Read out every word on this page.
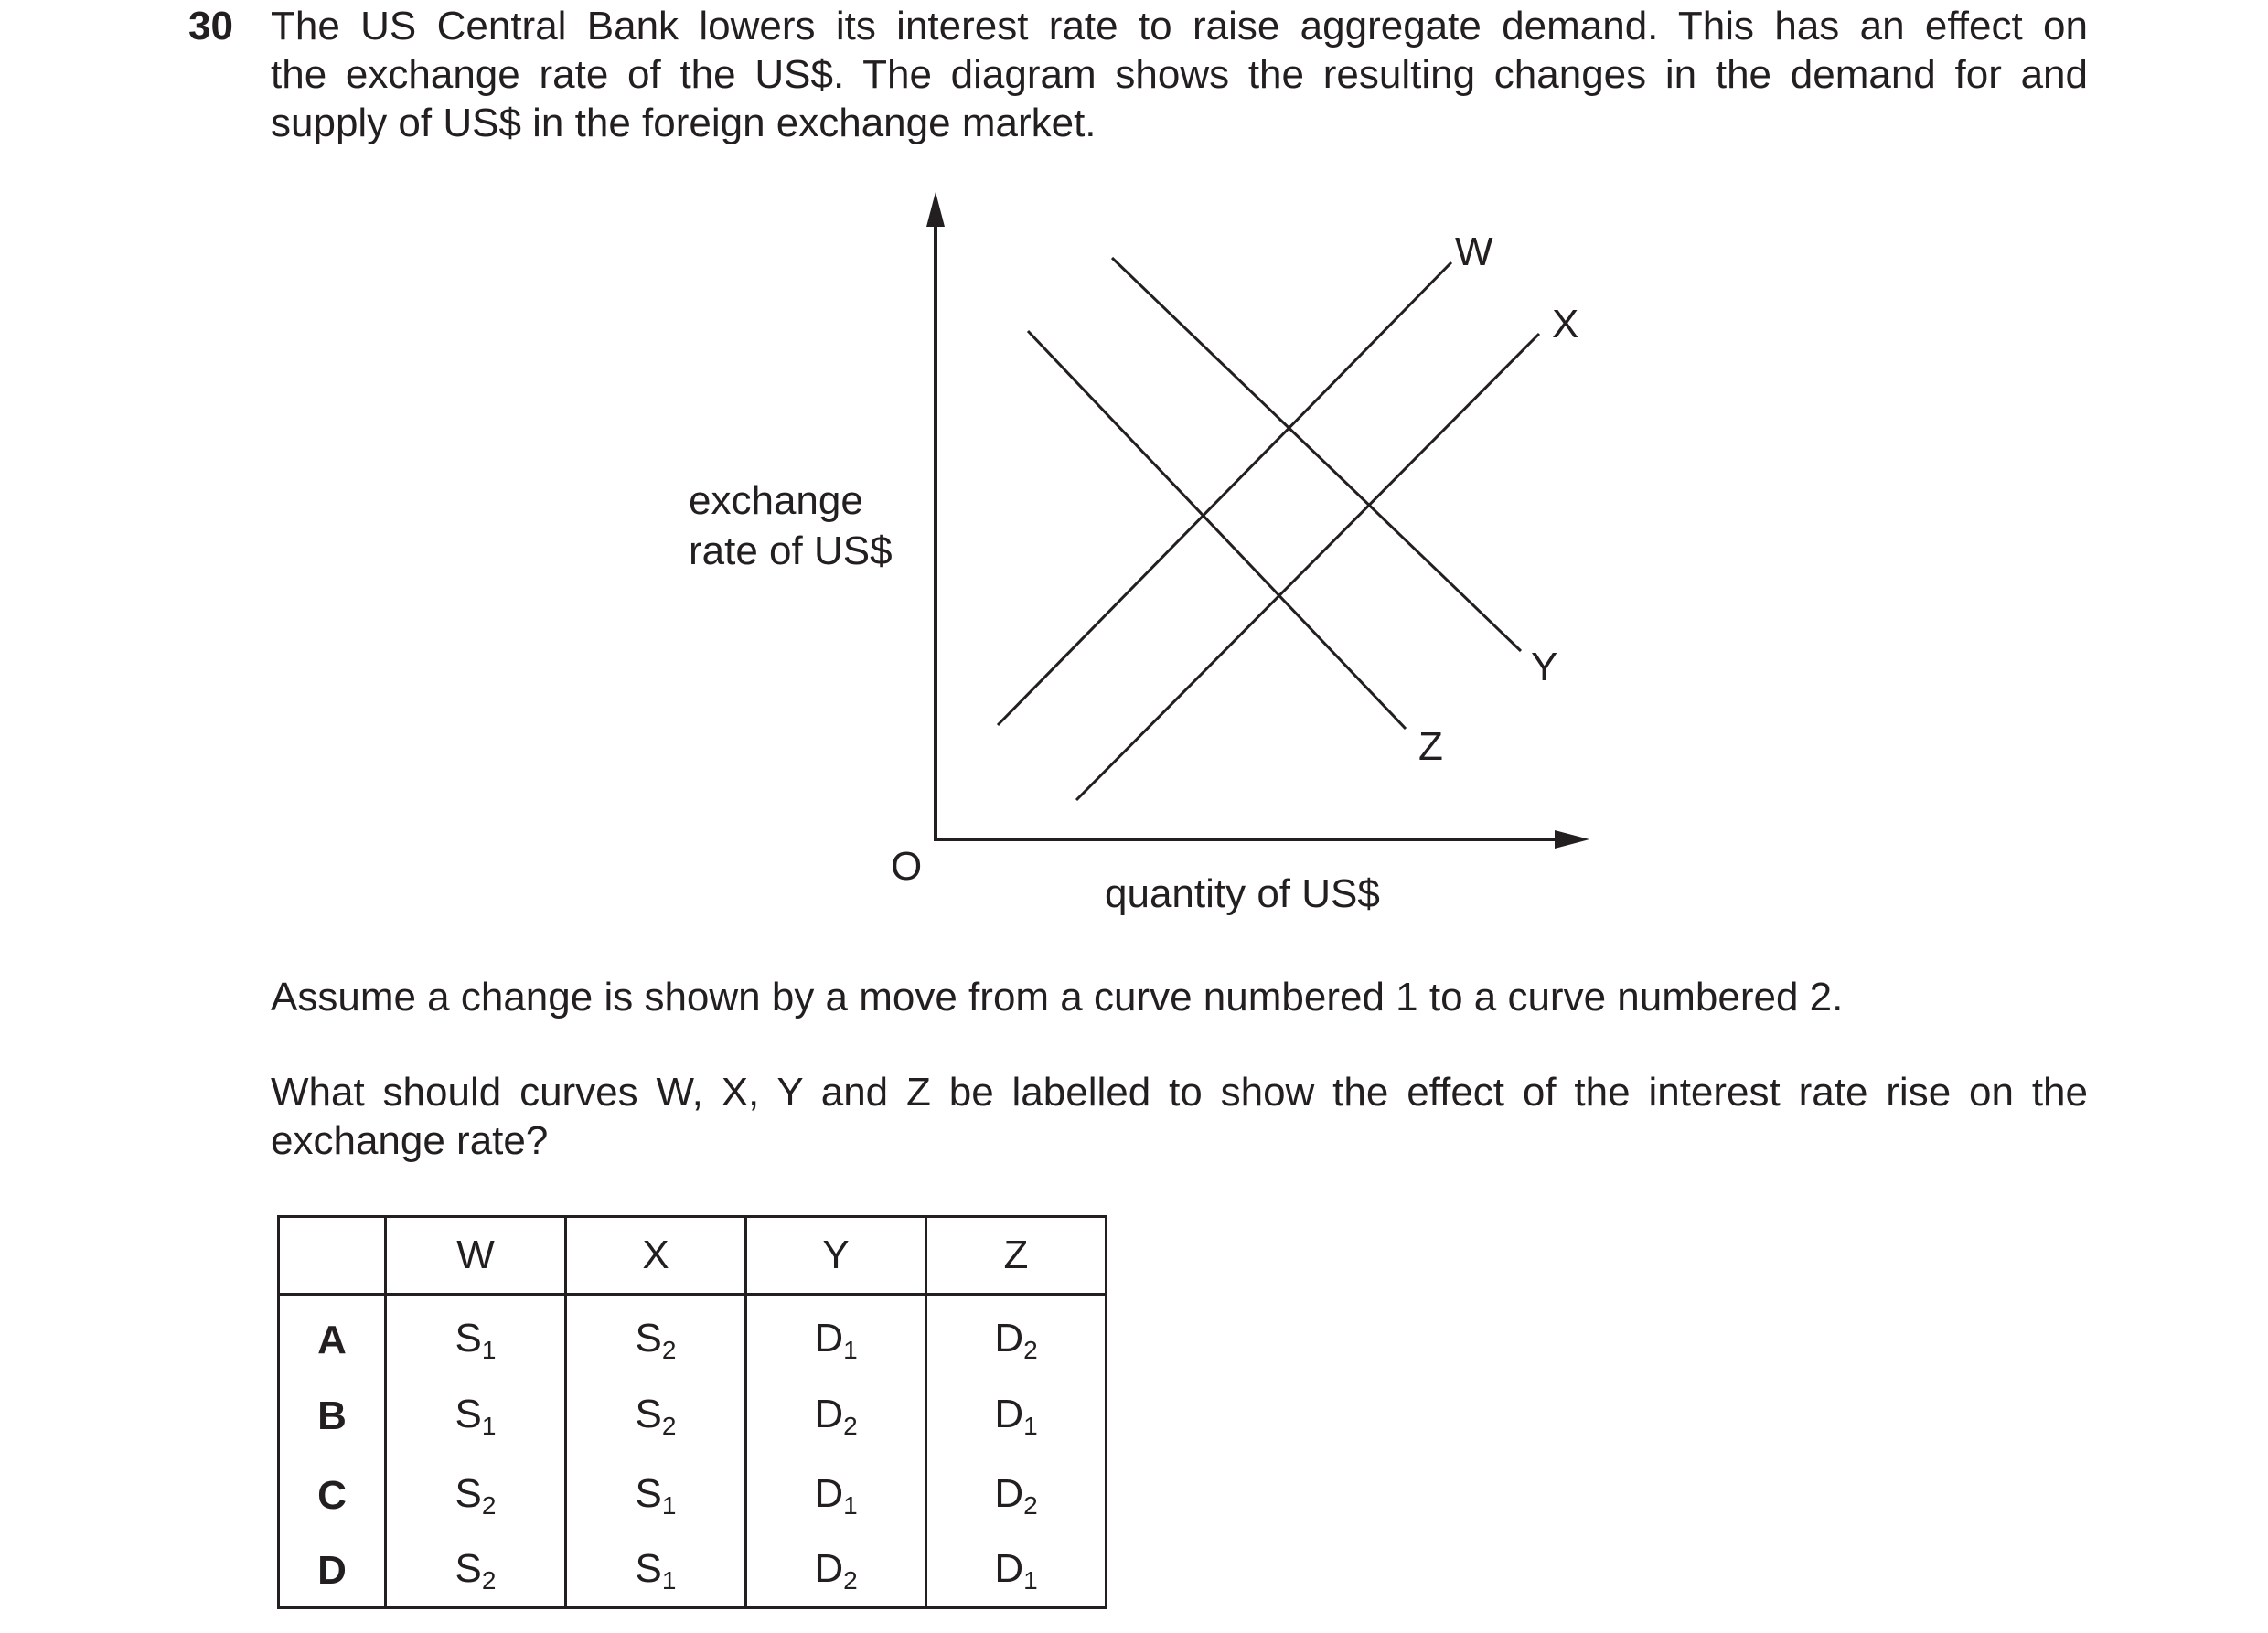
30 The US Central Bank lowers its interest rate to raise aggregate demand. This has an effect on
the exchange rate of the US$. The diagram shows the resulting changes in the demand for and
supply of US$ in the foreign exchange market.
W
X
Y
Z
exchange
rate of US$
O
quantity of US$
Assume a change is shown by a move from a curve numbered 1 to a curve numbered 2.
What should curves W, X, Y and Z be labelled to show the effect of the interest rate rise on the
exchange rate?
	W	X	Y	Z
A	$S_1$	$S_2$	$D_1$	$D_2$
B	$S_1$	$S_2$	$D_2$	$D_1$
C	$S_2$	$S_1$	$D_1$	$D_2$
D	$S_2$	$S_1$	$D_2$	$D_1$
